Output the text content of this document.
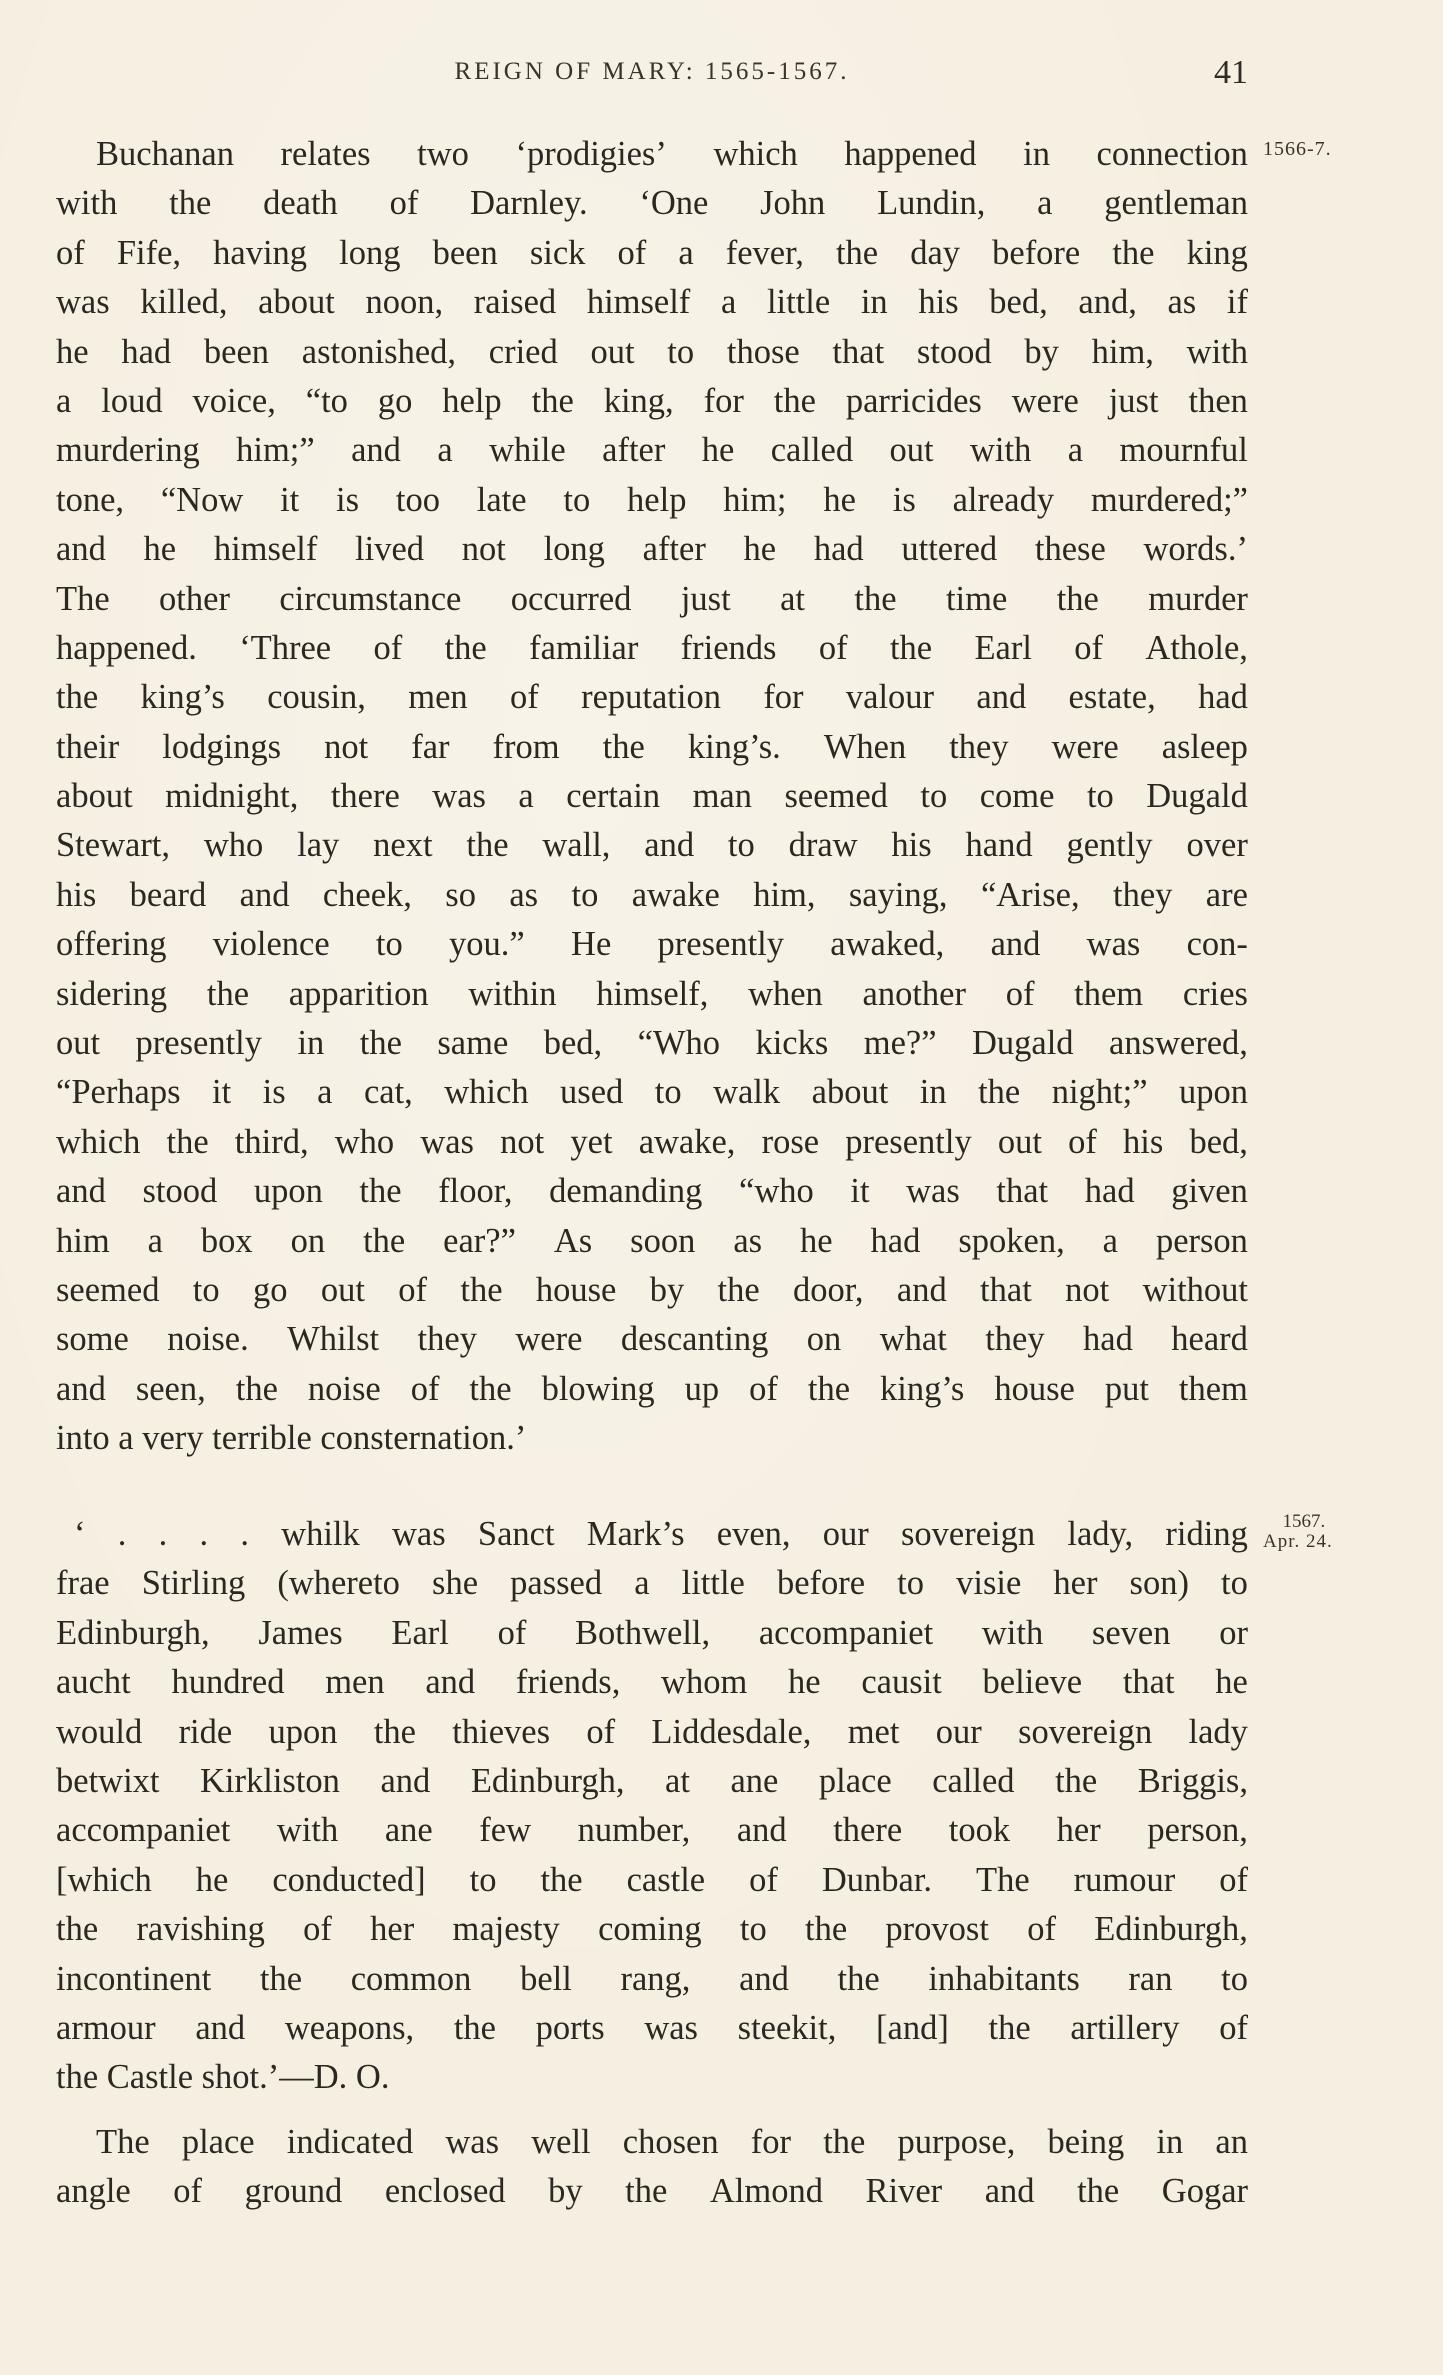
REIGN OF MARY: 1565-1567.	41
1566-7.
1567.
Apr. 24.
Buchanan relates two ‘prodigies’ which happened in connection
with the death of Darnley. ‘One John Lundin, a gentleman
of Fife, having long been sick of a fever, the day before the king
was killed, about noon, raised himself a little in his bed, and, as if
he had been astonished, cried out to those that stood by him, with
a loud voice, “to go help the king, for the parricides were just then
murdering him;” and a while after he called out with a mournful
tone, “Now it is too late to help him; he is already murdered;”
and he himself lived not long after he had uttered these words.’
The other circumstance occurred just at the time the murder
happened. ‘Three of the familiar friends of the Earl of Athole,
the king’s cousin, men of reputation for valour and estate, had
their lodgings not far from the king’s. When they were asleep
about midnight, there was a certain man seemed to come to Dugald
Stewart, who lay next the wall, and to draw his hand gently over
his beard and cheek, so as to awake him, saying, “Arise, they are
offering violence to you.” He presently awaked, and was con-
sidering the apparition within himself, when another of them cries
out presently in the same bed, “Who kicks me?” Dugald answered,
“Perhaps it is a cat, which used to walk about in the night;” upon
which the third, who was not yet awake, rose presently out of his bed,
and stood upon the floor, demanding “who it was that had given
him a box on the ear?” As soon as he had spoken, a person
seemed to go out of the house by the door, and that not without
some noise. Whilst they were descanting on what they had heard
and seen, the noise of the blowing up of the king’s house put them
into a very terrible consternation.’
‘ . . . . whilk was Sanct Mark’s even, our sovereign lady, riding
frae Stirling (whereto she passed a little before to visie her son) to
Edinburgh, James Earl of Bothwell, accompaniet with seven or
aucht hundred men and friends, whom he causit believe that he
would ride upon the thieves of Liddesdale, met our sovereign lady
betwixt Kirkliston and Edinburgh, at ane place called the Briggis,
accompaniet with ane few number, and there took her person,
[which he conducted] to the castle of Dunbar. The rumour of
the ravishing of her majesty coming to the provost of Edinburgh,
incontinent the common bell rang, and the inhabitants ran to
armour and weapons, the ports was steekit, [and] the artillery of
the Castle shot.’—D. O.
The place indicated was well chosen for the purpose, being in an
angle of ground enclosed by the Almond River and the Gogar
